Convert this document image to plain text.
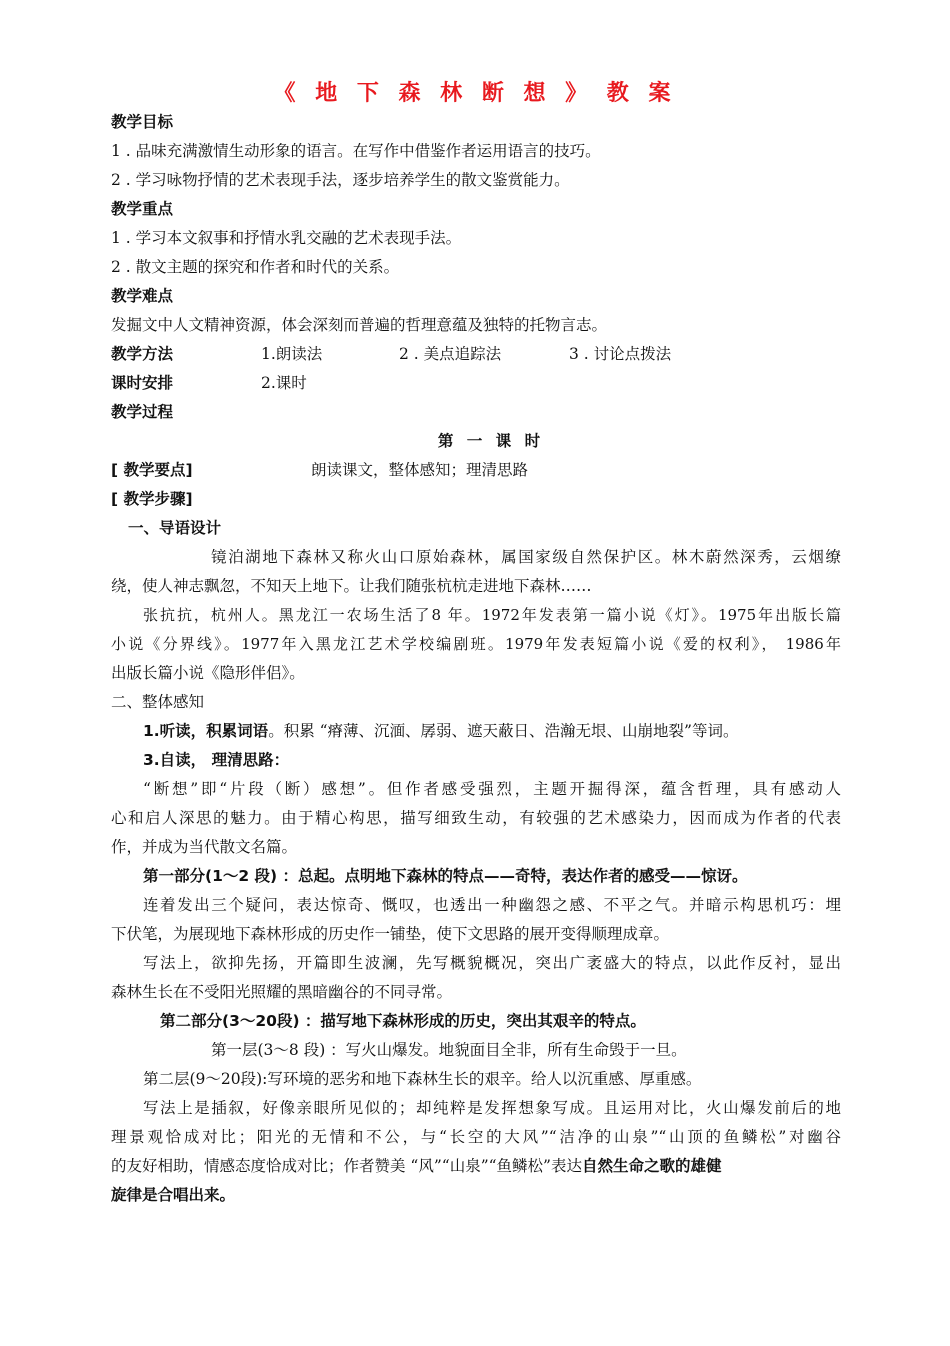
《 地 下 森 林 断 想 》 教 案
教学目标
1 . 品味充满激情生动形象的语言。在写作中借鉴作者运用语言的技巧。
2 . 学习咏物抒情的艺术表现手法，逐步培养学生的散文鉴赏能力。
教学重点
1 . 学习本文叙事和抒情水乳交融的艺术表现手法。
2 . 散文主题的探究和作者和时代的关系。
教学难点
发掘文中人文精神资源，体会深刻而普遍的哲理意蕴及独特的托物言志。
教学方法	1.朗读法	2 . 美点追踪法	3 . 讨论点拨法
课时安排	2.课时
教学过程
第 一 课 时
[ 教学要点]	朗读课文，整体感知；理清思路
[ 教学步骤]
一、导语设计
镜泊湖地下森林又称火山口原始森林，属国家级自然保护区。林木蔚然深秀，云烟缭
绕，使人神志飘忽，不知天上地下。让我们随张杭杭走进地下森林……
张抗抗，杭州人。黑龙江一农场生活了8 年。1972年发表第一篇小说《灯》。1975年出版长篇
小说《分界线》。1977年入黑龙江艺术学校编剧班。1979年发表短篇小说《爱的权利》， 1986年
出版长篇小说《隐形伴侣》。
二、整体感知
1.听读，积累词语。积累 “瘠薄、沉湎、孱弱、遮天蔽日、浩瀚无垠、山崩地裂”等词。
3.自读， 理清思路：
“断想”即“片段（断）感想”。但作者感受强烈，主题开掘得深，蕴含哲理，具有感动人
心和启人深思的魅力。由于精心构思，描写细致生动，有较强的艺术感染力，因而成为作者的代表
作，并成为当代散文名篇。
第一部分(1～2 段) ：总起。点明地下森林的特点——奇特，表达作者的感受——惊讶。
连着发出三个疑问，表达惊奇、慨叹，也透出一种幽怨之感、不平之气。并暗示构思机巧：埋
下伏笔，为展现地下森林形成的历史作一铺垫，使下文思路的展开变得顺理成章。
写法上，欲抑先扬，开篇即生波澜，先写概貌概况，突出广袤盛大的特点，以此作反衬，显出
森林生长在不受阳光照耀的黑暗幽谷的不同寻常。
第二部分(3～20段) ：描写地下森林形成的历史，突出其艰辛的特点。
第一层(3～8 段) ：写火山爆发。地貌面目全非，所有生命毁于一旦。
第二层(9～20段):写环境的恶劣和地下森林生长的艰辛。给人以沉重感、厚重感。
写法上是插叙，好像亲眼所见似的；却纯粹是发挥想象写成。且运用对比，火山爆发前后的地
理景观恰成对比；阳光的无情和不公，与“长空的大风”“洁净的山泉”“山顶的鱼鳞松”对幽谷
的友好相助，情感态度恰成对比；作者赞美 “风”“山泉”“鱼鳞松”表达自然生命之歌的雄健
旋律是合唱出来。
